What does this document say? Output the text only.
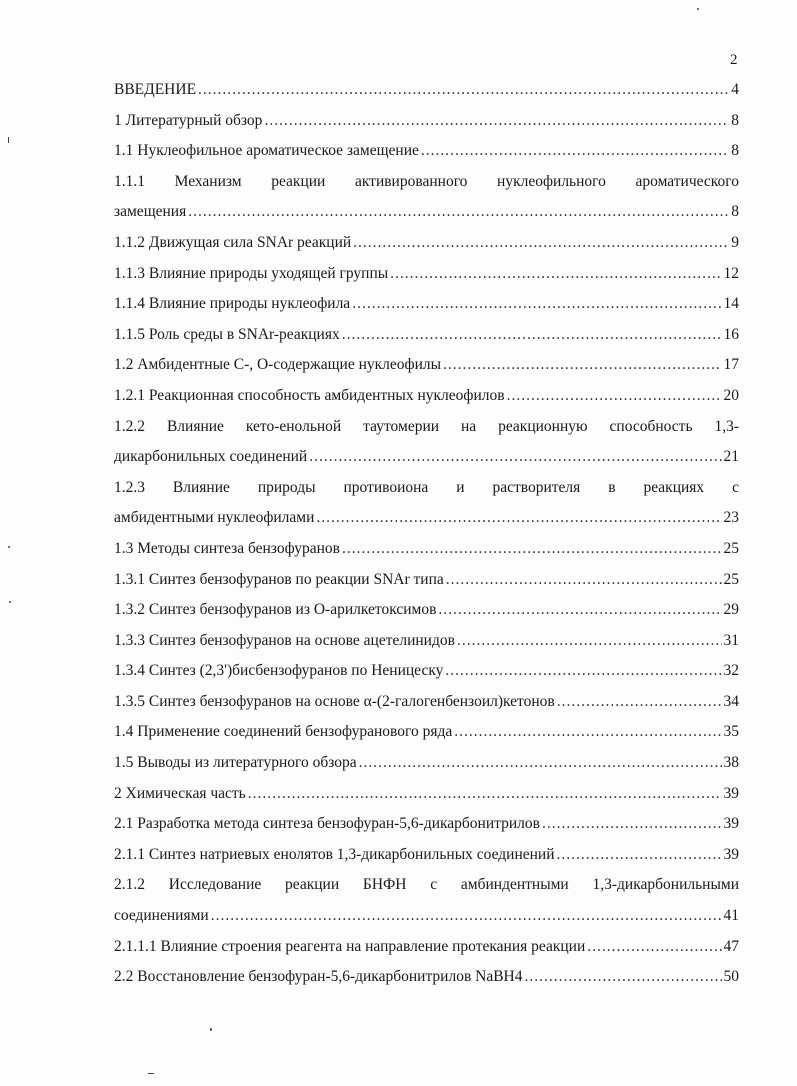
2
ВВЕДЕНИЕ .....	4
1 Литературный обзор .....	8
1.1 Нуклеофильное ароматическое замещение .....	8
1.1.1 Механизм реакции активированного нуклеофильного ароматического
замещения .....	8
1.1.2 Движущая сила SNAr реакций .....	9
1.1.3 Влияние природы уходящей группы .....	12
1.1.4 Влияние природы нуклеофила .....	14
1.1.5 Роль среды в SNAr-реакциях .....	16
1.2 Амбидентные С-, О-содержащие нуклеофилы .....	17
1.2.1 Реакционная способность амбидентных нуклеофилов .....	20
1.2.2 Влияние кето-енольной таутомерии на реакционную способность 1,3-
дикарбонильных соединений .....	21
1.2.3 Влияние природы противоиона и растворителя в реакциях с
амбидентными нуклеофилами .....	23
1.3 Методы синтеза бензофуранов .....	25
1.3.1 Синтез бензофуранов по реакции SNAr типа .....	25
1.3.2 Синтез бензофуранов из О-арилкетоксимов .....	29
1.3.3 Синтез бензофуранов на основе ацетелинидов .....	31
1.3.4 Синтез (2,3')бисбензофуранов по Неницеску .....	32
1.3.5 Синтез бензофуранов на основе α-(2-галогенбензоил)кетонов .....	34
1.4 Применение соединений бензофуранового ряда .....	35
1.5 Выводы из литературного обзора .....	38
2 Химическая часть .....	39
2.1 Разработка метода синтеза бензофуран-5,6-дикарбонитрилов .....	39
2.1.1 Синтез натриевых енолятов 1,3-дикарбонильных соединений .....	39
2.1.2 Исследование реакции БНФН с амбиндентными 1,3-дикарбонильными
соединениями .....	41
2.1.1.1 Влияние строения реагента на направление протекания реакции .....	47
2.2 Восстановление бензофуран-5,6-дикарбонитрилов NaBH4 .....	50
